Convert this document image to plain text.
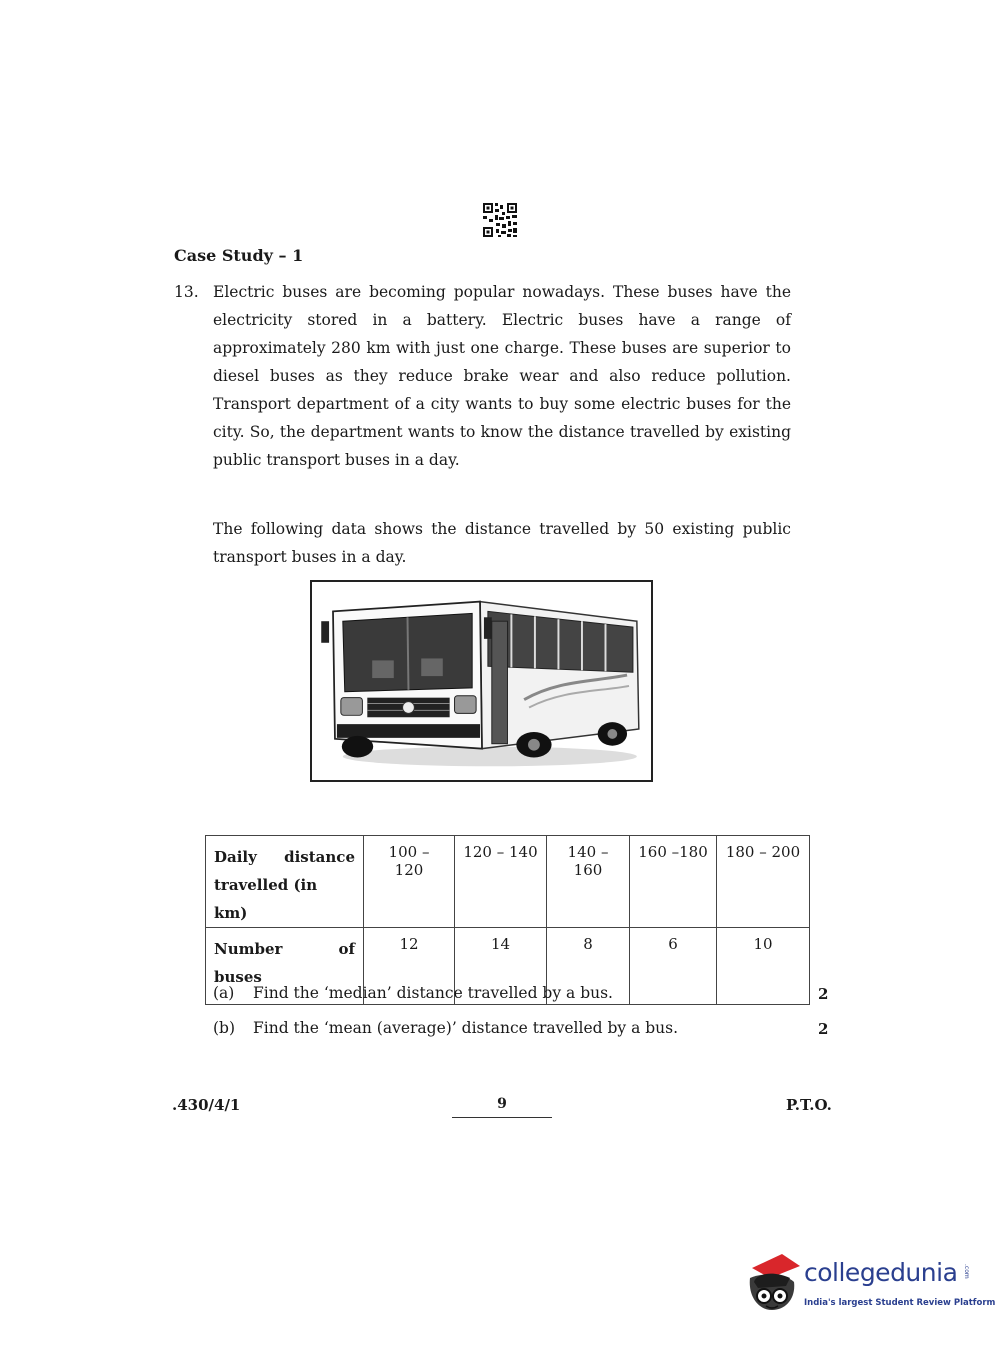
Case Study – 1
13. Electric buses are becoming popular nowadays. These buses have the electricity stored in a battery. Electric buses have a range of approximately 280 km with just one charge. These buses are superior to diesel buses as they reduce brake wear and also reduce pollution. Transport department of a city wants to buy some electric buses for the city. So, the department wants to know the distance travelled by existing public transport buses in a day.
The following data shows the distance travelled by 50 existing public transport buses in a day.
Daily distance
travelled (in km)	100 – 120	120 – 140	140 –160	160 –180	180 – 200
Number of
buses	12	14	8	6	10
(a) Find the ‘median’ distance travelled by a bus.	2
(b) Find the ‘mean (average)’ distance travelled by a bus.	2
.430/4/1	9	P.T.O.
collegedunia .com
India's largest Student Review Platform
